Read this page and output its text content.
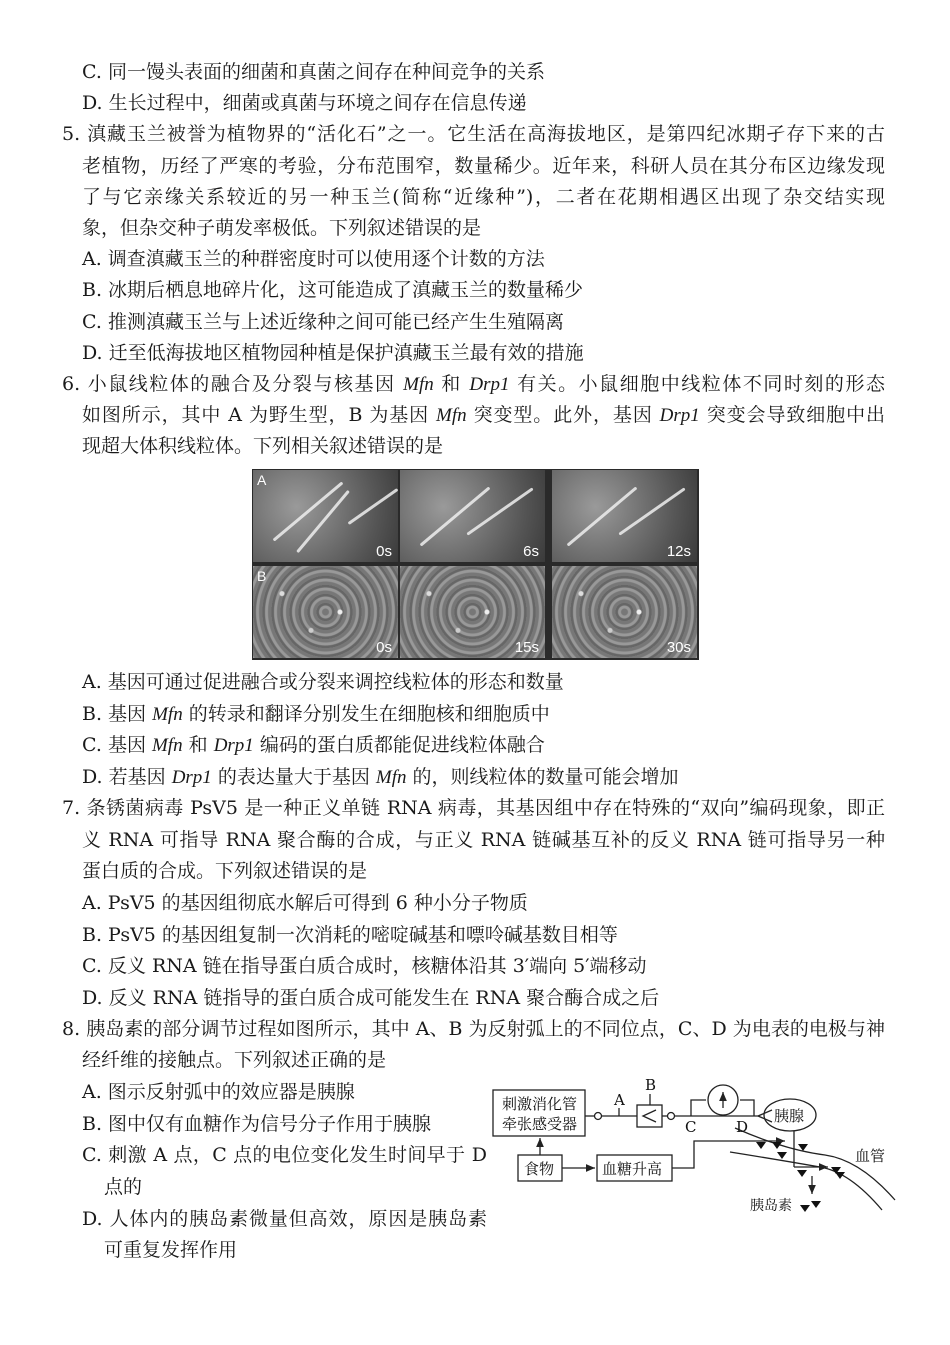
C. 同一馒头表面的细菌和真菌之间存在种间竞争的关系
D. 生长过程中，细菌或真菌与环境之间存在信息传递
5. 滇藏玉兰被誉为植物界的“活化石”之一。它生活在高海拔地区，是第四纪冰期孑存下来的古
老植物，历经了严寒的考验，分布范围窄，数量稀少。近年来，科研人员在其分布区边缘发现
了与它亲缘关系较近的另一种玉兰(简称“近缘种”)，二者在花期相遇区出现了杂交结实现
象，但杂交种子萌发率极低。下列叙述错误的是
A. 调查滇藏玉兰的种群密度时可以使用逐个计数的方法
B. 冰期后栖息地碎片化，这可能造成了滇藏玉兰的数量稀少
C. 推测滇藏玉兰与上述近缘种之间可能已经产生生殖隔离
D. 迁至低海拔地区植物园种植是保护滇藏玉兰最有效的措施
6. 小鼠线粒体的融合及分裂与核基因 Mfn 和 Drp1 有关。小鼠细胞中线粒体不同时刻的形态
如图所示，其中 A 为野生型，B 为基因 Mfn 突变型。此外，基因 Drp1 突变会导致细胞中出
现超大体积线粒体。下列相关叙述错误的是
A
0s	6s	12s
B
0s	15s	30s
A. 基因可通过促进融合或分裂来调控线粒体的形态和数量
B. 基因 Mfn 的转录和翻译分别发生在细胞核和细胞质中
C. 基因 Mfn 和 Drp1 编码的蛋白质都能促进线粒体融合
D. 若基因 Drp1 的表达量大于基因 Mfn 的，则线粒体的数量可能会增加
7. 条锈菌病毒 PsV5 是一种正义单链 RNA 病毒，其基因组中存在特殊的“双向”编码现象，即正
义 RNA 可指导 RNA 聚合酶的合成，与正义 RNA 链碱基互补的反义 RNA 链可指导另一种
蛋白质的合成。下列叙述错误的是
A. PsV5 的基因组彻底水解后可得到 6 种小分子物质
B. PsV5 的基因组复制一次消耗的嘧啶碱基和嘌呤碱基数目相等
C. 反义 RNA 链在指导蛋白质合成时，核糖体沿其 3′端向 5′端移动
D. 反义 RNA 链指导的蛋白质合成可能发生在 RNA 聚合酶合成之后
8. 胰岛素的部分调节过程如图所示，其中 A、B 为反射弧上的不同位点，C、D 为电表的电极与神
经纤维的接触点。下列叙述正确的是
A. 图示反射弧中的效应器是胰腺
B. 图中仅有血糖作为信号分子作用于胰腺
C. 刺激 A 点，C 点的电位变化发生时间早于 D
点的
D. 人体内的胰岛素微量但高效，原因是胰岛素
可重复发挥作用
刺激消化管
牵张感受器
食物	血糖升高
胰腺
血管
胰岛素
A
B
C	D
